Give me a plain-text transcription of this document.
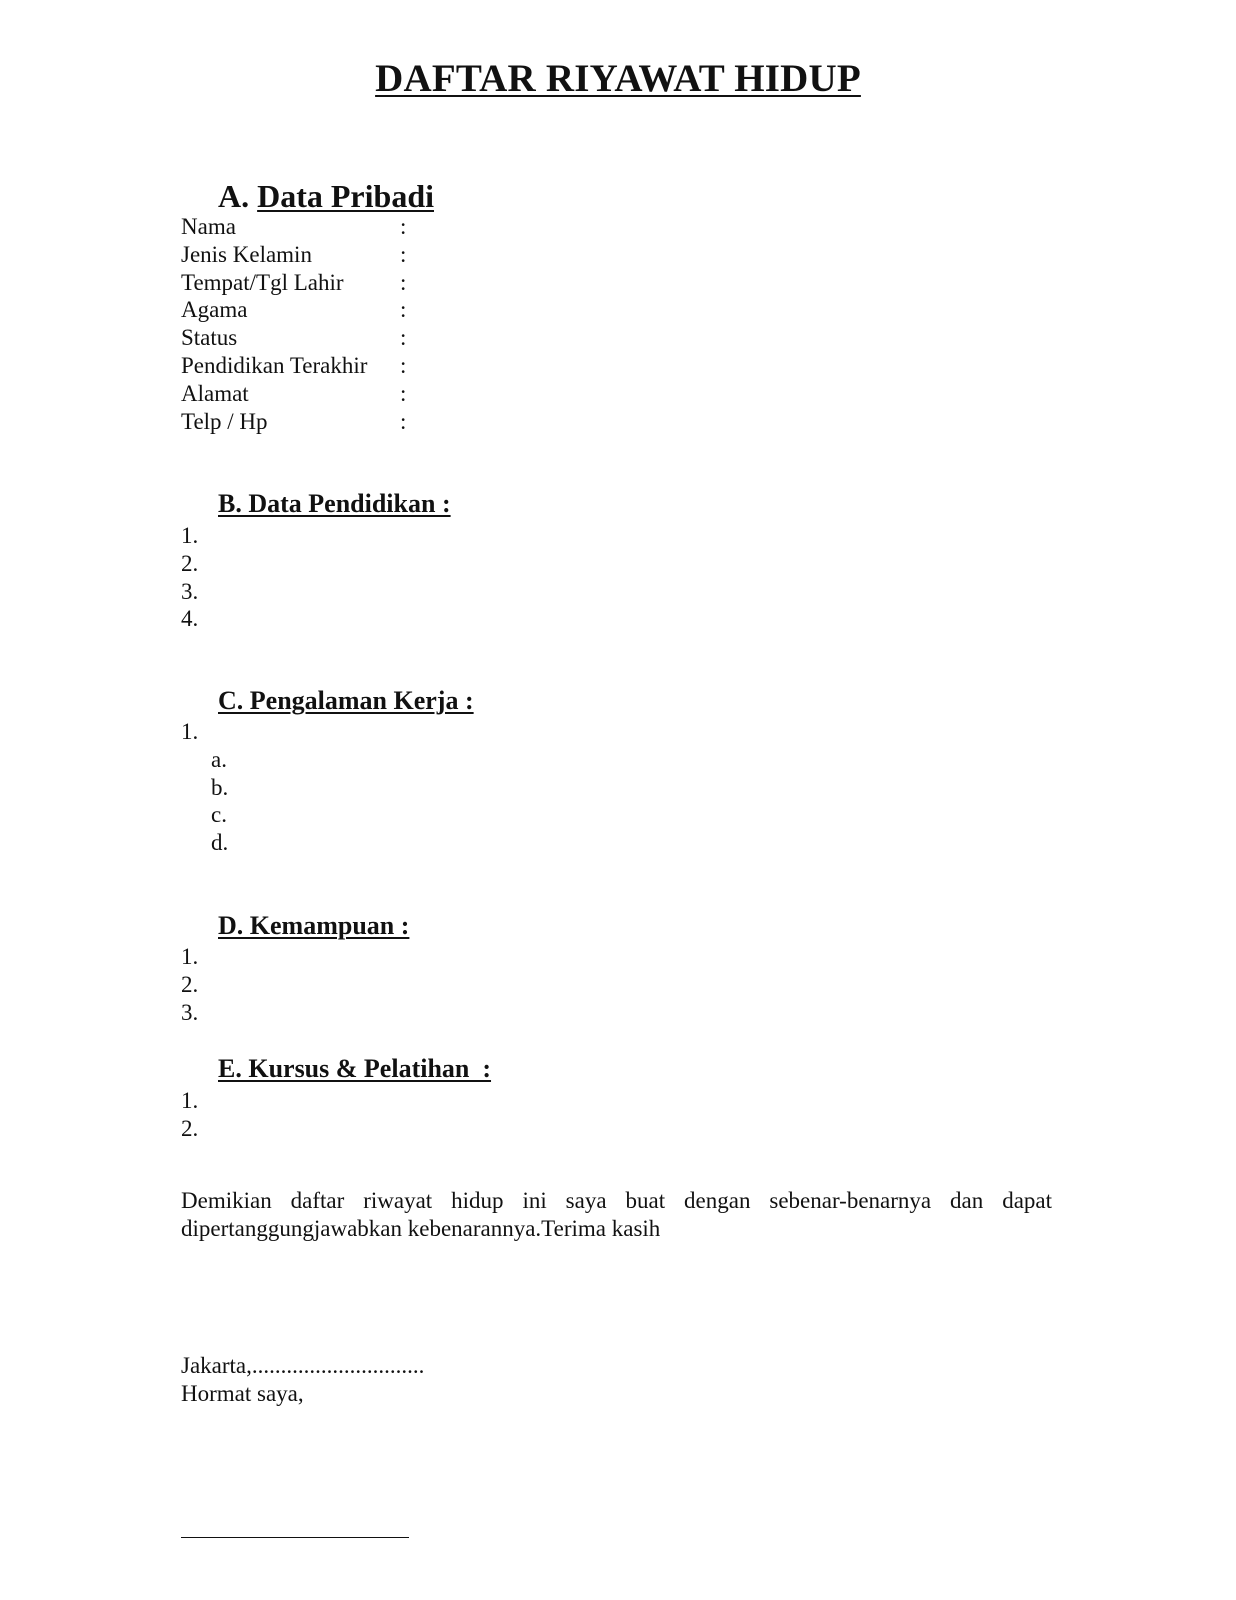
DAFTAR RIYAWAT HIDUP
A. Data Pribadi
Nama	:
Jenis Kelamin	:
Tempat/Tgl Lahir :
Agama	:
Status	:
Pendidikan Terakhir :
Alamat	:
Telp / Hp	:
B. Data Pendidikan :
1.
2.
3.
4.
C. Pengalaman Kerja :
1.
a.
b.
c.
d.
D. Kemampuan :
1.
2.
3.
E. Kursus & Pelatihan  :
1.
2.
Demikian daftar riwayat hidup ini saya buat dengan sebenar-benarnya dan dapat dipertanggungjawabkan kebenarannya.Terima kasih
Jakarta,..............................
Hormat saya,
